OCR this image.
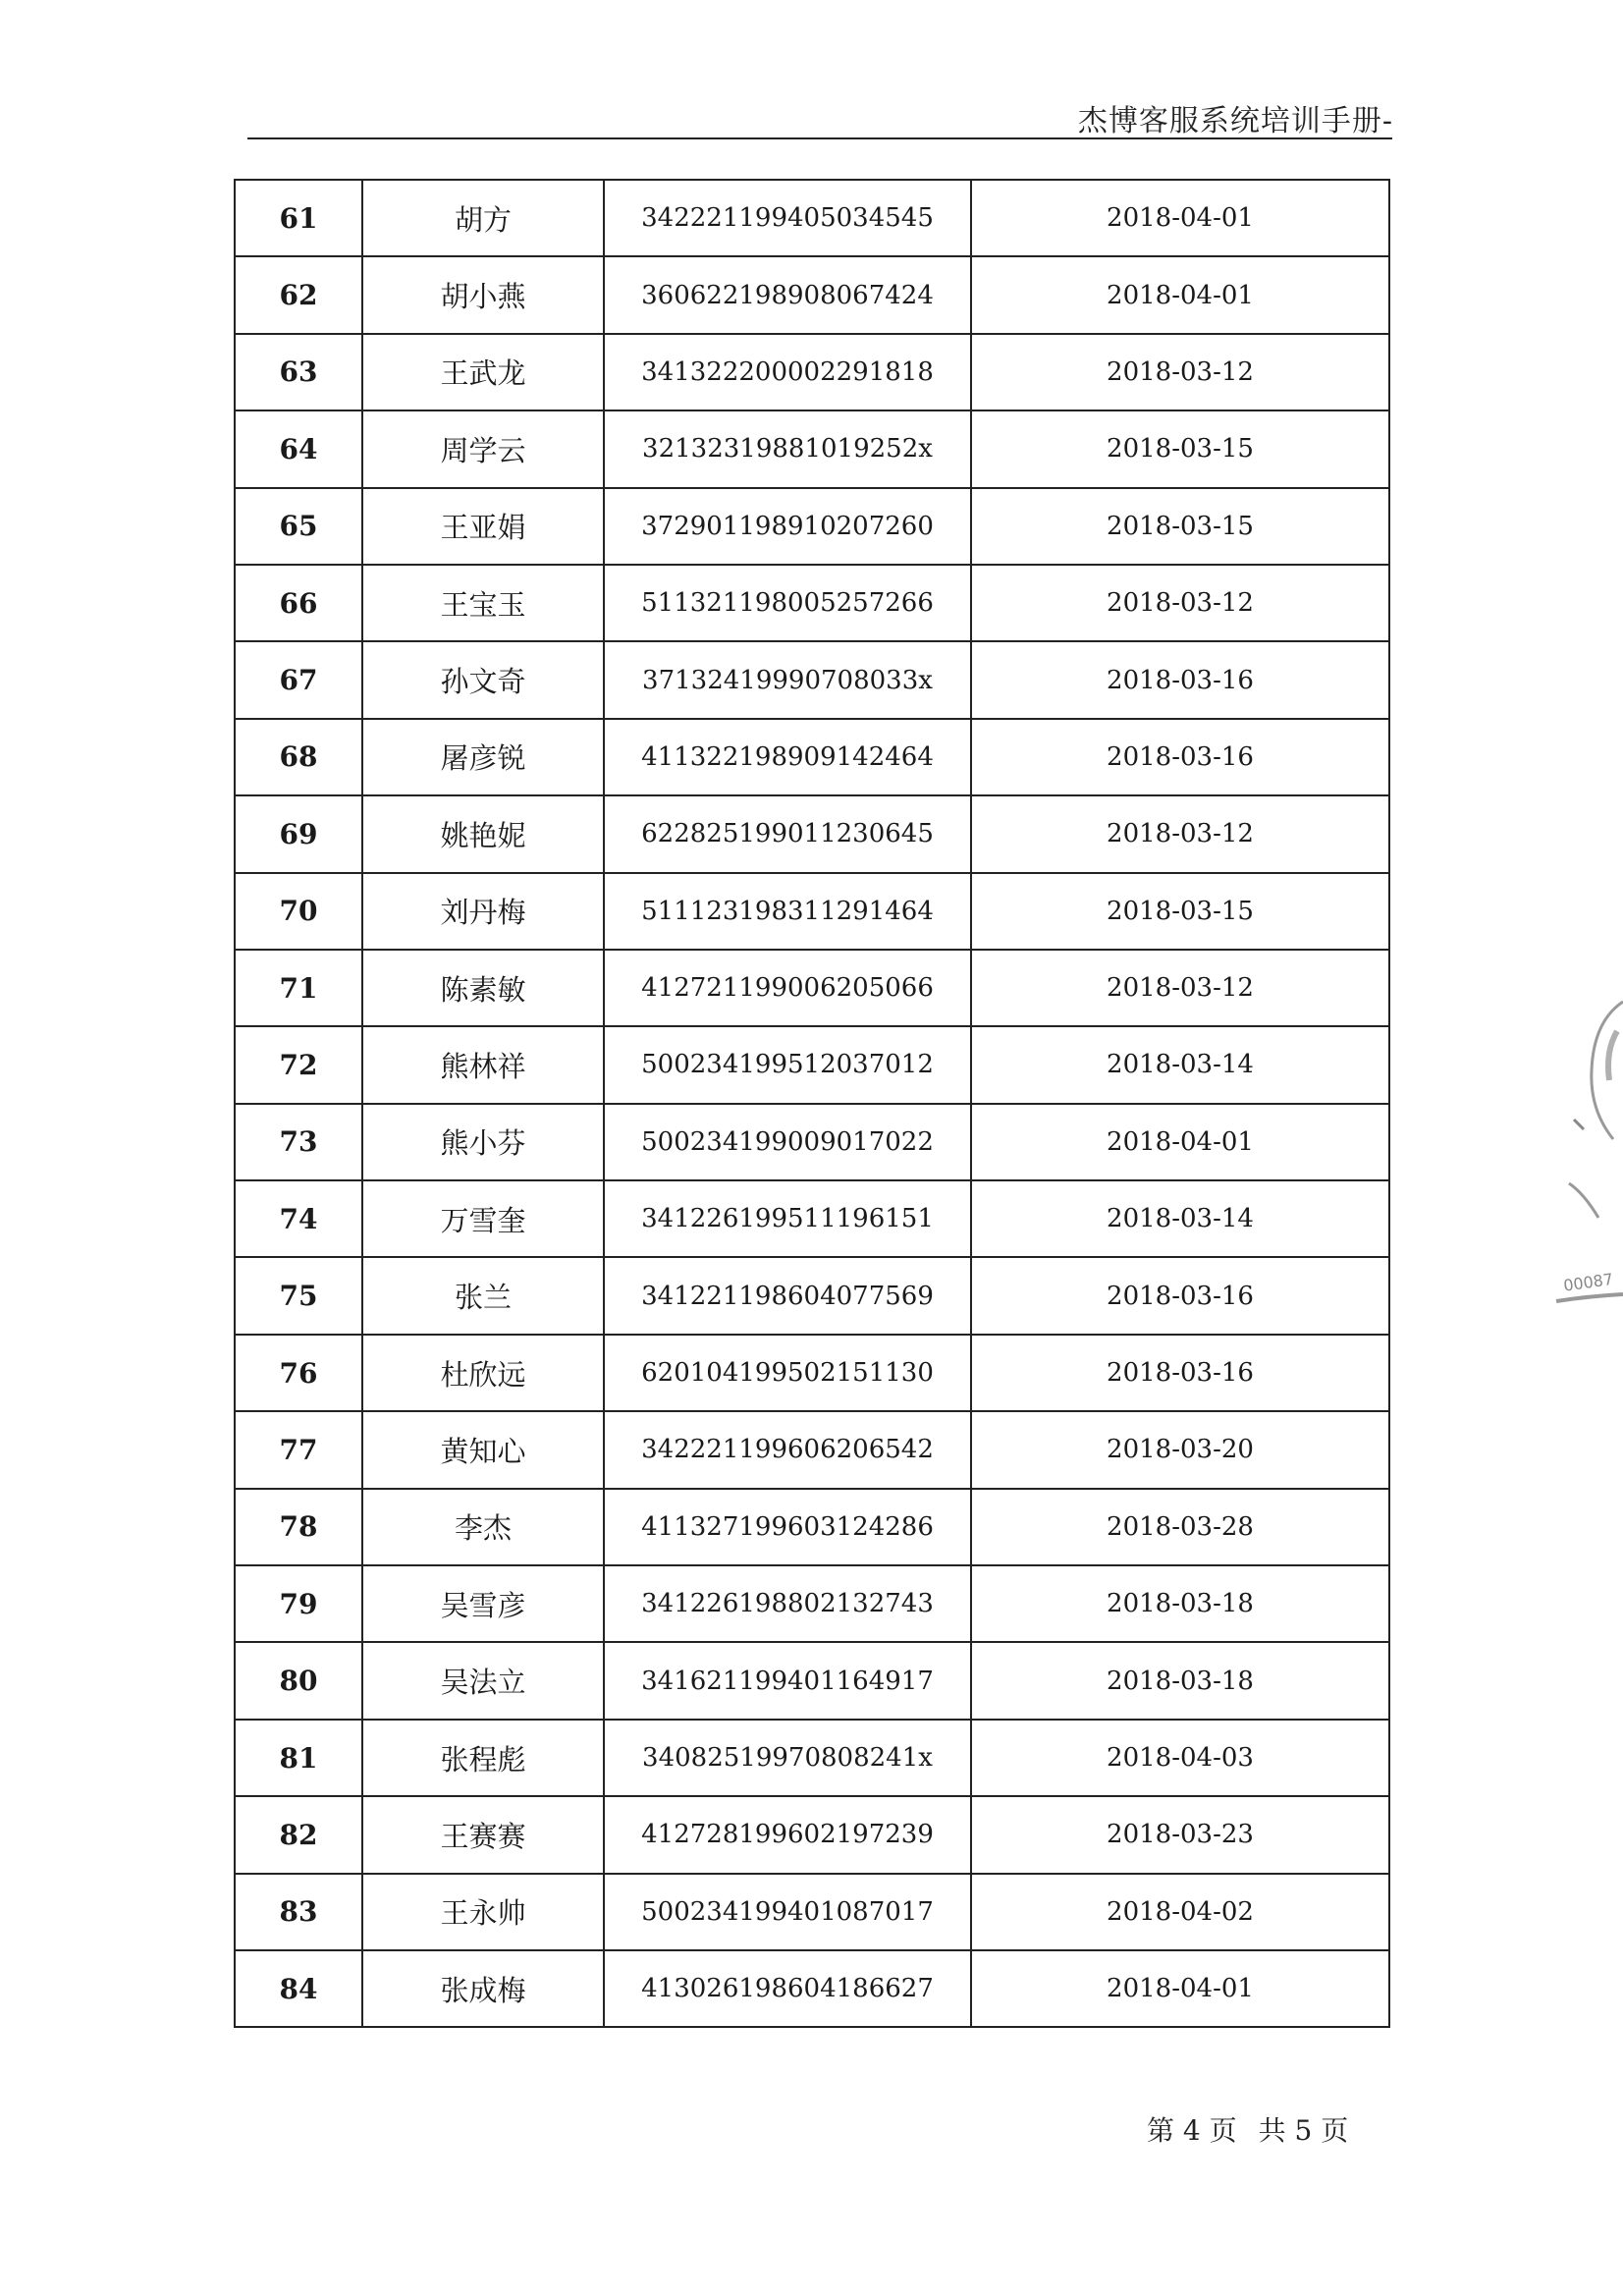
杰博客服系统培训手册-
61	胡方	342221199405034545	2018-04-01
62	胡小燕	360622198908067424	2018-04-01
63	王武龙	341322200002291818	2018-03-12
64	周学云	32132319881019252x	2018-03-15
65	王亚娟	372901198910207260	2018-03-15
66	王宝玉	511321198005257266	2018-03-12
67	孙文奇	37132419990708033x	2018-03-16
68	屠彦锐	411322198909142464	2018-03-16
69	姚艳妮	622825199011230645	2018-03-12
70	刘丹梅	511123198311291464	2018-03-15
71	陈素敏	412721199006205066	2018-03-12
72	熊林祥	500234199512037012	2018-03-14
73	熊小芬	500234199009017022	2018-04-01
74	万雪奎	341226199511196151	2018-03-14
75	张兰	341221198604077569	2018-03-16
76	杜欣远	620104199502151130	2018-03-16
77	黄知心	342221199606206542	2018-03-20
78	李杰	411327199603124286	2018-03-28
79	吴雪彦	341226198802132743	2018-03-18
80	吴法立	341621199401164917	2018-03-18
81	张程彪	34082519970808241x	2018-04-03
82	王赛赛	412728199602197239	2018-03-23
83	王永帅	500234199401087017	2018-04-02
84	张成梅	413026198604186627	2018-04-01
第 4 页 共 5 页
00087
